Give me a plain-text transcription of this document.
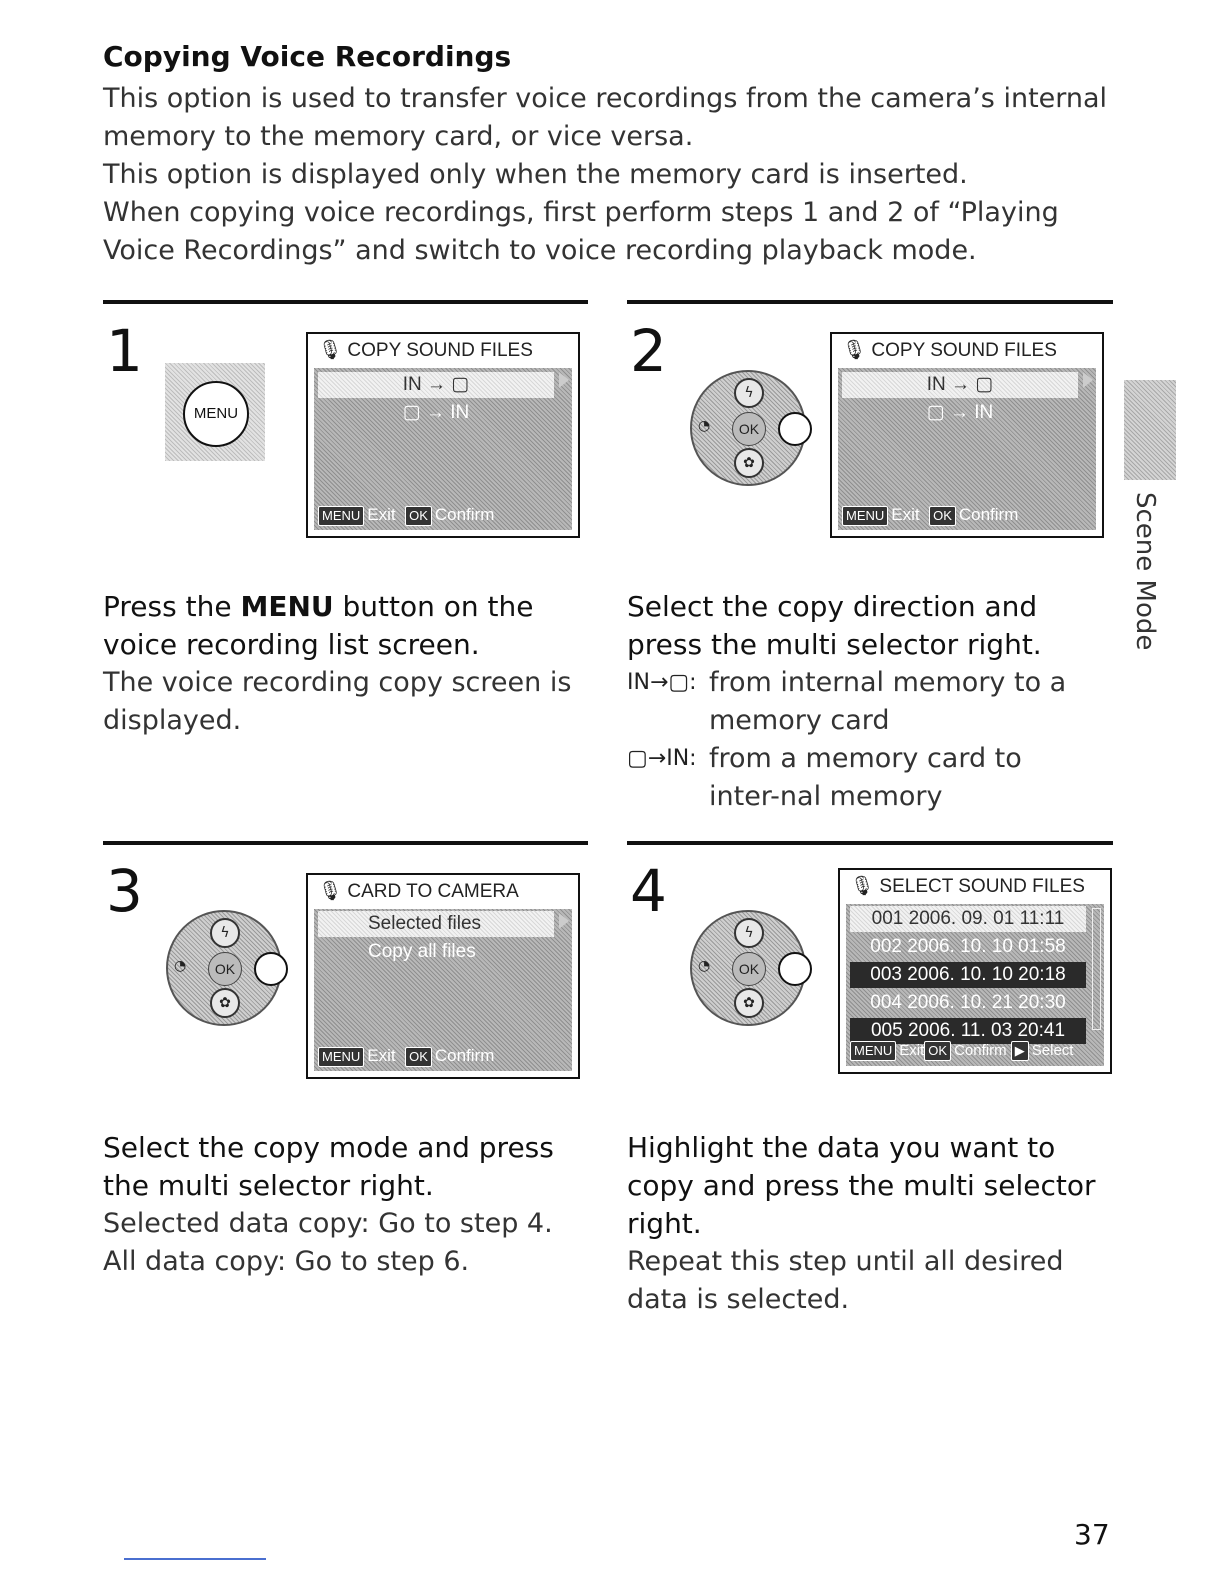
Copying Voice Recordings

This option is used to transfer voice recordings from the camera’s internal memory to the memory card, or vice versa.

This option is displayed only when the memory card is inserted.

When copying voice recordings, first perform steps 1 and 2 of “Playing Voice Recordings” and switch to voice recording playback mode.

1
MENU
🎙 COPY SOUND FILES
IN → ▢
▢ → IN
MENU Exit OK Confirm
Press the MENU button on the voice recording list screen.
The voice recording copy screen is displayed.
2
ϟ
◔	OK
✿
🎙 COPY SOUND FILES
IN → ▢
▢ → IN
MENU Exit OK Confirm
Select the copy direction and press the multi selector right.
IN→▢: from internal memory to a memory card
▢→IN: from a memory card to inter-nal memory
3
ϟ
◔	OK
✿
🎙 CARD TO CAMERA
Selected files
Copy all files
MENU Exit OK Confirm
Select the copy mode and press the multi selector right.
Selected data copy: Go to step 4.
All data copy: Go to step 6.
4
ϟ
◔	OK
✿
🎙 SELECT SOUND FILES
001 2006. 09. 01 11:11
002 2006. 10. 10 01:58
003 2006. 10. 10 20:18
004 2006. 10. 21 20:30
005 2006. 11. 03 20:41
MENU Exit OK Confirm ▶ Select
Highlight the data you want to copy and press the multi selector right.
Repeat this step until all desired data is selected.
Scene Mode
37
